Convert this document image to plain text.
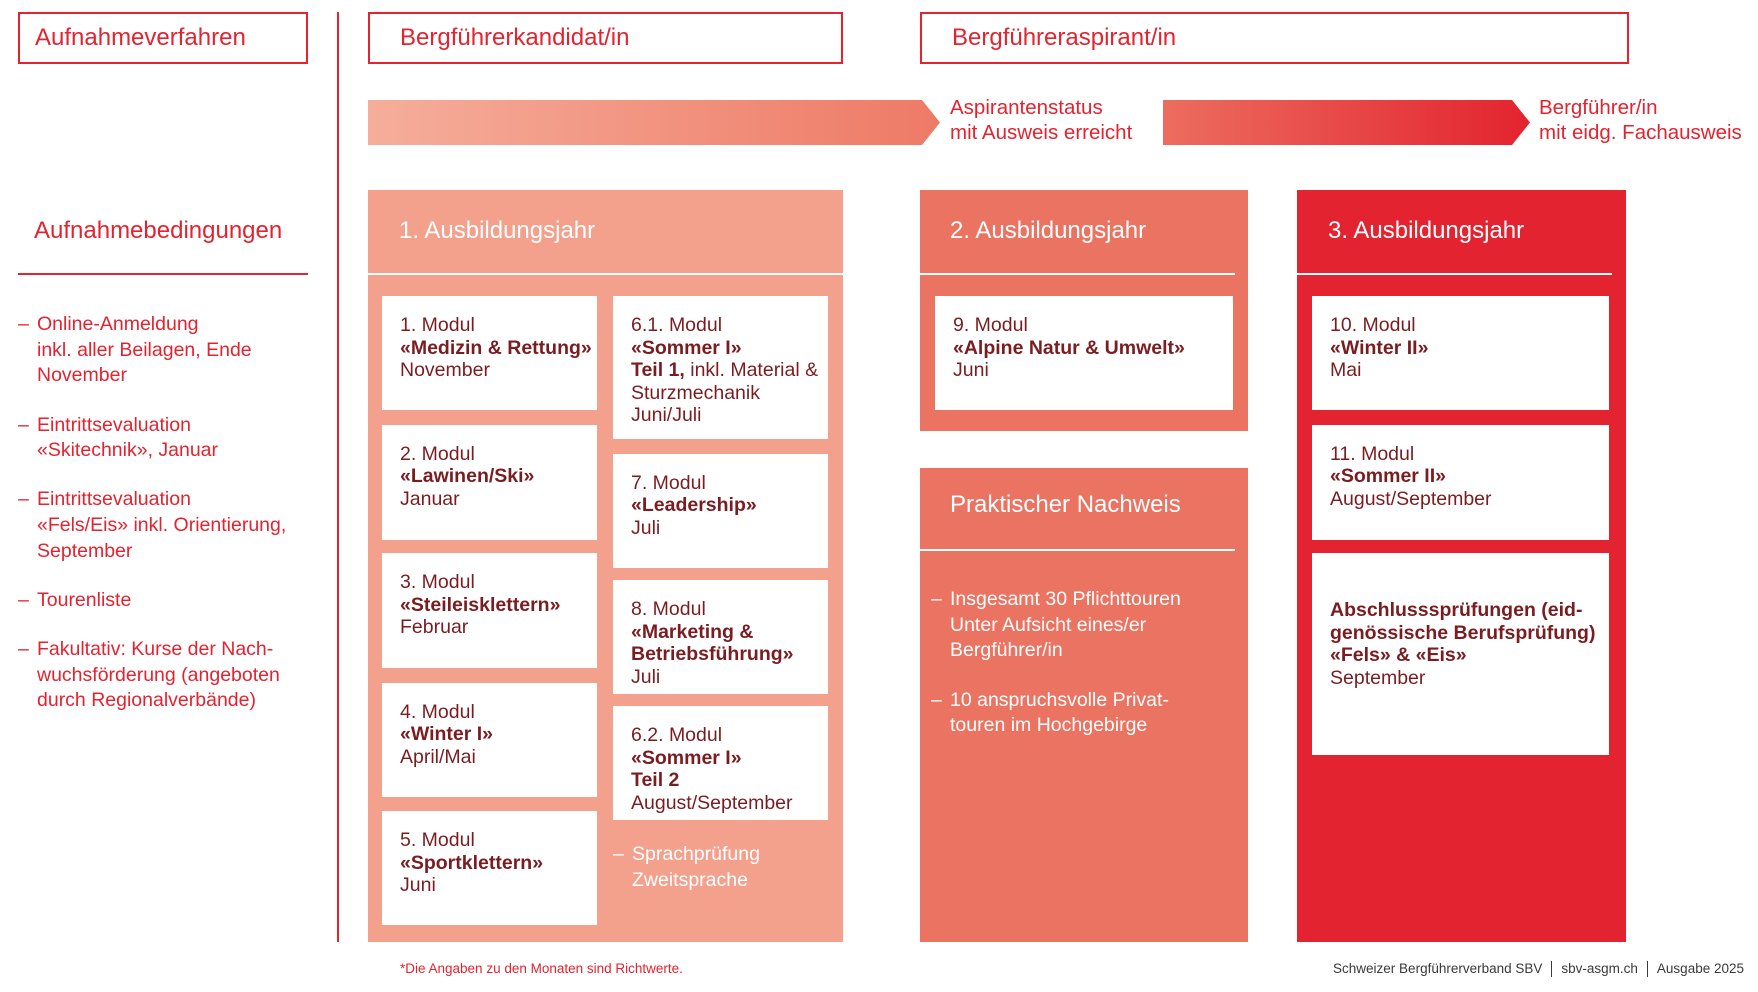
Aufnahmeverfahren	Bergführerkandidat/in	Bergführeraspirant/in
Aspirantenstatus
mit Ausweis erreicht
Bergführer/in
mit eidg. Fachausweis
Aufnahmebedingungen
– Online-Anmeldung
inkl. aller Beilagen, Ende
November
– Eintrittsevaluation
«Skitechnik», Januar
– Eintrittsevaluation
«Fels/Eis» inkl. Orientierung,
September
– Tourenliste
– Fakultativ: Kurse der Nach-
wuchsförderung (angeboten
durch Regionalverbände)
1. Ausbildungsjahr
1. Modul
«Medizin & Rettung»
November
2. Modul
«Lawinen/Ski»
Januar
3. Modul
«Steileisklettern»
Februar
4. Modul
«Winter I»
April/Mai
5. Modul
«Sportklettern»
Juni
6.1. Modul
«Sommer I»
Teil 1, inkl. Material &
Sturzmechanik
Juni/Juli
7. Modul
«Leadership»
Juli
8. Modul
«Marketing &
Betriebsführung»
Juli
6.2. Modul
«Sommer I»
Teil 2
August/September
– Sprachprüfung
Zweitsprache
2. Ausbildungsjahr
9. Modul
«Alpine Natur & Umwelt»
Juni
Praktischer Nachweis
– Insgesamt 30 Pflichttouren
Unter Aufsicht eines/er
Bergführer/in
– 10 anspruchsvolle Privat-
touren im Hochgebirge
3. Ausbildungsjahr
10. Modul
«Winter II»
Mai
11. Modul
«Sommer II»
August/September
Abschlusssprüfungen (eid-
genössische Berufsprüfung)
«Fels» & «Eis»
September
*Die Angaben zu den Monaten sind Richtwerte.	Schweizer Bergführerverband SBV sbv-asgm.ch Ausgabe 2025
